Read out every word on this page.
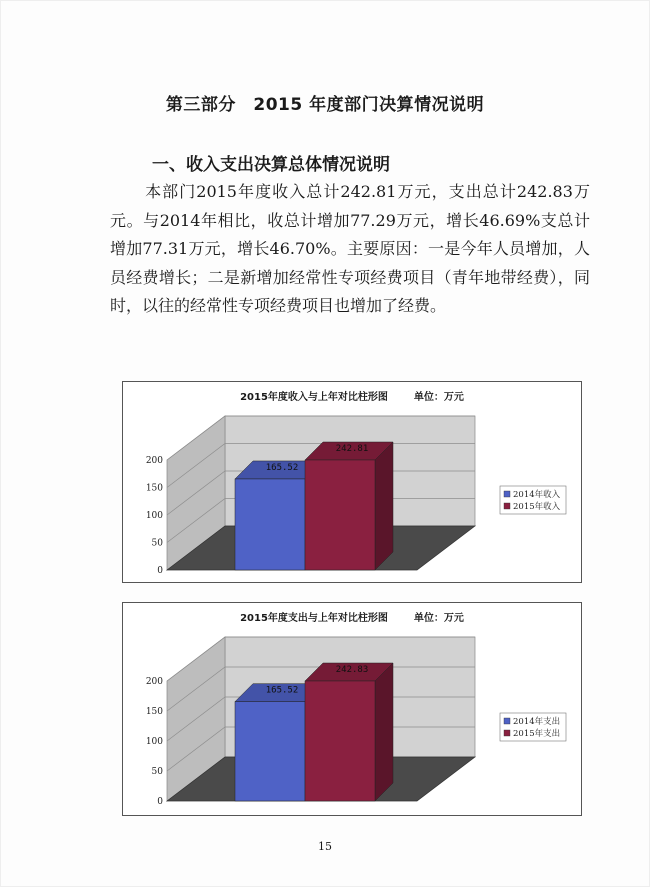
第三部分　2015 年度部门决算情况说明
一、收入支出决算总体情况说明
本部门2015年度收入总计242.81万元，支出总计242.83万元。与2014年相比，收总计增加77.29万元，增长46.69%支总计增加77.31万元，增长46.70%。主要原因：一是今年人员增加，人员经费增长；二是新增加经常性专项经费项目（青年地带经费），同时，以往的经常性专项经费项目也增加了经费。
0
50
100
150
200
165.52
242.81
2014年收入
2015年收入
2015年度收入与上年对比柱形图	单位：万元
0
50
100
150
200
165.52
242.83
2014年支出
2015年支出
2015年度支出与上年对比柱形图	单位：万元
15
